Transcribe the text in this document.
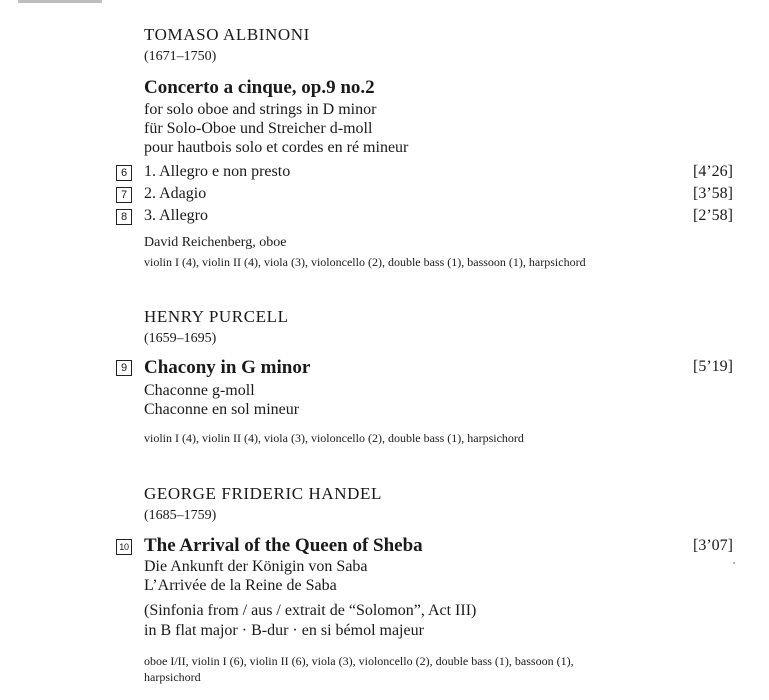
TOMASO ALBINONI
(1671–1750)
Concerto a cinque, op.9 no.2
for solo oboe and strings in D minor
für Solo-Oboe und Streicher d-moll
pour hautbois solo et cordes en ré mineur
6	1. Allegro e non presto	[4’26]
7	2. Adagio	[3’58]
8	3. Allegro	[2’58]
David Reichenberg, oboe
violin I (4), violin II (4), viola (3), violoncello (2), double bass (1), bassoon (1), harpsichord
HENRY PURCELL
(1659–1695)
9 Chacony in G minor	[5’19]
Chaconne g-moll
Chaconne en sol mineur
violin I (4), violin II (4), viola (3), violoncello (2), double bass (1), harpsichord
GEORGE FRIDERIC HANDEL
(1685–1759)
10 The Arrival of the Queen of Sheba	[3’07]
Die Ankunft der Königin von Saba
L’Arrivée de la Reine de Saba
(Sinfonia from / aus / extrait de “Solomon”, Act III)
in B flat major · B-dur · en si bémol majeur
oboe I/II, violin I (6), violin II (6), viola (3), violoncello (2), double bass (1), bassoon (1),
harpsichord
